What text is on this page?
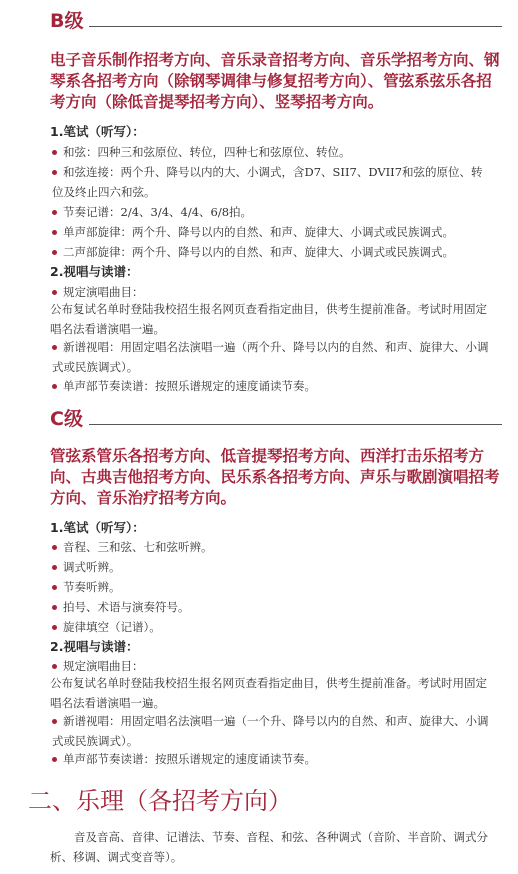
B级
电子音乐制作招考方向、音乐录音招考方向、音乐学招考方向、钢琴系各招考方向（除钢琴调律与修复招考方向）、管弦系弦乐各招考方向（除低音提琴招考方向）、竖琴招考方向。
1.笔试（听写）：
和弦：四种三和弦原位、转位，四种七和弦原位、转位。
和弦连接：两个升、降号以内的大、小调式，含D7、SII7、DVII7和弦的原位、转位及终止四六和弦。
节奏记谱：2/4、3/4、4/4、6/8拍。
单声部旋律：两个升、降号以内的自然、和声、旋律大、小调式或民族调式。
二声部旋律：两个升、降号以内的自然、和声、旋律大、小调式或民族调式。
2.视唱与读谱：
规定演唱曲目：
公布复试名单时登陆我校招生报名网页查看指定曲目，供考生提前准备。考试时用固定唱名法看谱演唱一遍。
新谱视唱：用固定唱名法演唱一遍（两个升、降号以内的自然、和声、旋律大、小调式或民族调式）。
单声部节奏读谱：按照乐谱规定的速度诵读节奏。
C级
管弦系管乐各招考方向、低音提琴招考方向、西洋打击乐招考方向、古典吉他招考方向、民乐系各招考方向、声乐与歌剧演唱招考方向、音乐治疗招考方向。
1.笔试（听写）：
音程、三和弦、七和弦听辨。
调式听辨。
节奏听辨。
拍号、术语与演奏符号。
旋律填空（记谱）。
2.视唱与读谱：
规定演唱曲目：
公布复试名单时登陆我校招生报名网页查看指定曲目，供考生提前准备。考试时用固定唱名法看谱演唱一遍。
新谱视唱：用固定唱名法演唱一遍（一个升、降号以内的自然、和声、旋律大、小调式或民族调式）。
单声部节奏读谱：按照乐谱规定的速度诵读节奏。
二、乐理（各招考方向）
音及音高、音律、记谱法、节奏、音程、和弦、各种调式（音阶、半音阶、调式分析、移调、调式变音等）。
